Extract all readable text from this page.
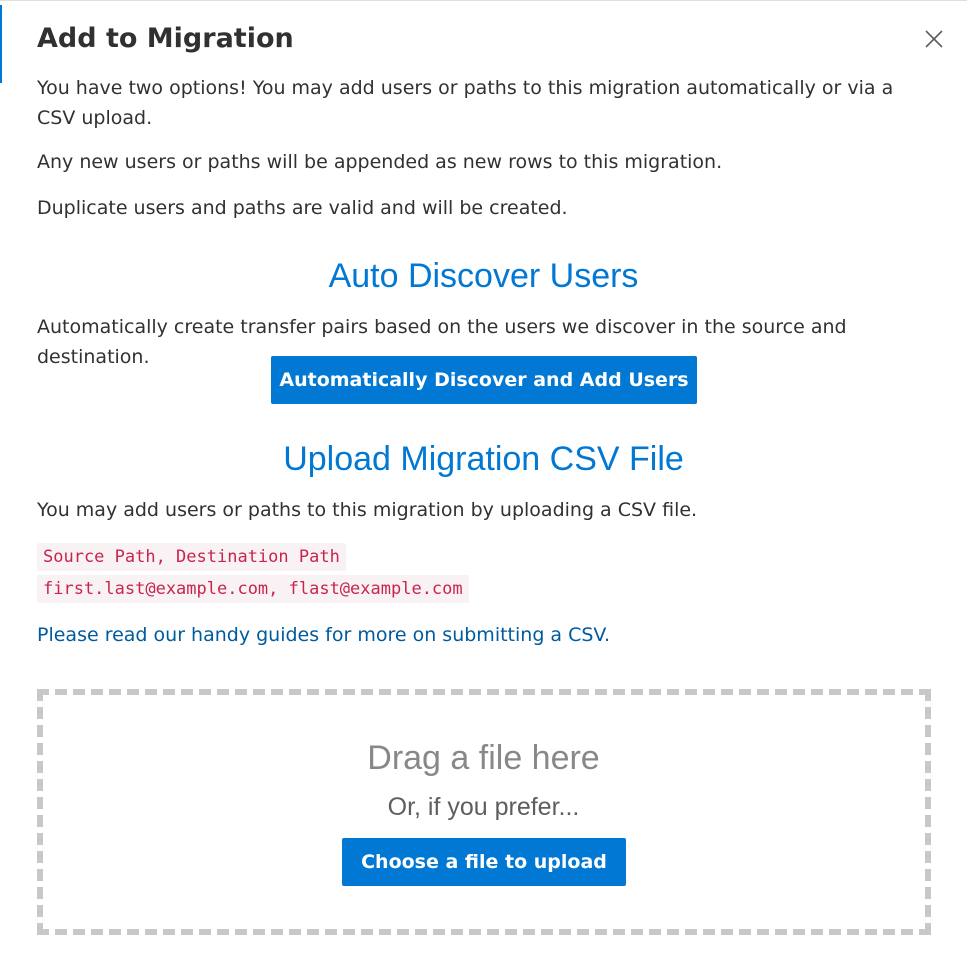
Add to Migration

You have two options! You may add users or paths to this migration automatically or via a CSV upload.

Any new users or paths will be appended as new rows to this migration.

Duplicate users and paths are valid and will be created.

Auto Discover Users

Automatically create transfer pairs based on the users we discover in the source and destination.

Automatically Discover and Add Users
Upload Migration CSV File

You may add users or paths to this migration by uploading a CSV file.

Source Path, Destination Path
first.last@example.com, flast@example.com
Please read our handy guides for more on submitting a CSV.
Drag a file here
Or, if you prefer...
Choose a file to upload
